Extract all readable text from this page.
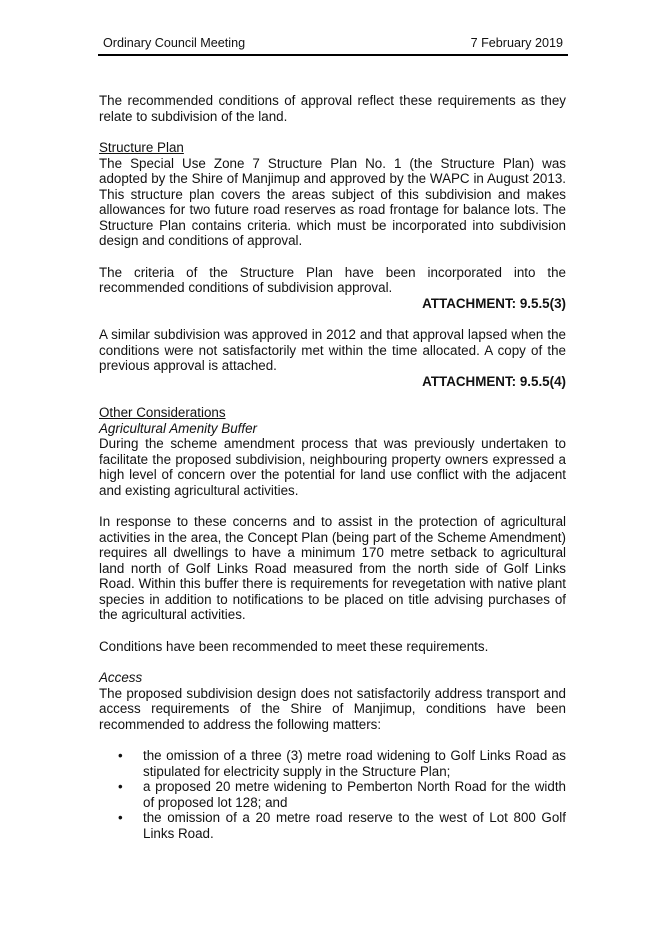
Ordinary Council Meeting	7 February 2019

The recommended conditions of approval reflect these requirements as they relate to subdivision of the land.

Structure Plan

The Special Use Zone 7 Structure Plan No. 1 (the Structure Plan) was adopted by the Shire of Manjimup and approved by the WAPC in August 2013. This structure plan covers the areas subject of this subdivision and makes allowances for two future road reserves as road frontage for balance lots. The Structure Plan contains criteria. which must be incorporated into subdivision design and conditions of approval.

The criteria of the Structure Plan have been incorporated into the recommended conditions of subdivision approval.

ATTACHMENT: 9.5.5(3)

A similar subdivision was approved in 2012 and that approval lapsed when the conditions were not satisfactorily met within the time allocated. A copy of the previous approval is attached.

ATTACHMENT: 9.5.5(4)

Other Considerations

Agricultural Amenity Buffer

During the scheme amendment process that was previously undertaken to facilitate the proposed subdivision, neighbouring property owners expressed a high level of concern over the potential for land use conflict with the adjacent and existing agricultural activities.

In response to these concerns and to assist in the protection of agricultural activities in the area, the Concept Plan (being part of the Scheme Amendment) requires all dwellings to have a minimum 170 metre setback to agricultural land north of Golf Links Road measured from the north side of Golf Links Road. Within this buffer there is requirements for revegetation with native plant species in addition to notifications to be placed on title advising purchases of the agricultural activities.

Conditions have been recommended to meet these requirements.

Access

The proposed subdivision design does not satisfactorily address transport and access requirements of the Shire of Manjimup, conditions have been recommended to address the following matters:

• the omission of a three (3) metre road widening to Golf Links Road as stipulated for electricity supply in the Structure Plan;
• a proposed 20 metre widening to Pemberton North Road for the width of proposed lot 128; and
• the omission of a 20 metre road reserve to the west of Lot 800 Golf Links Road.
